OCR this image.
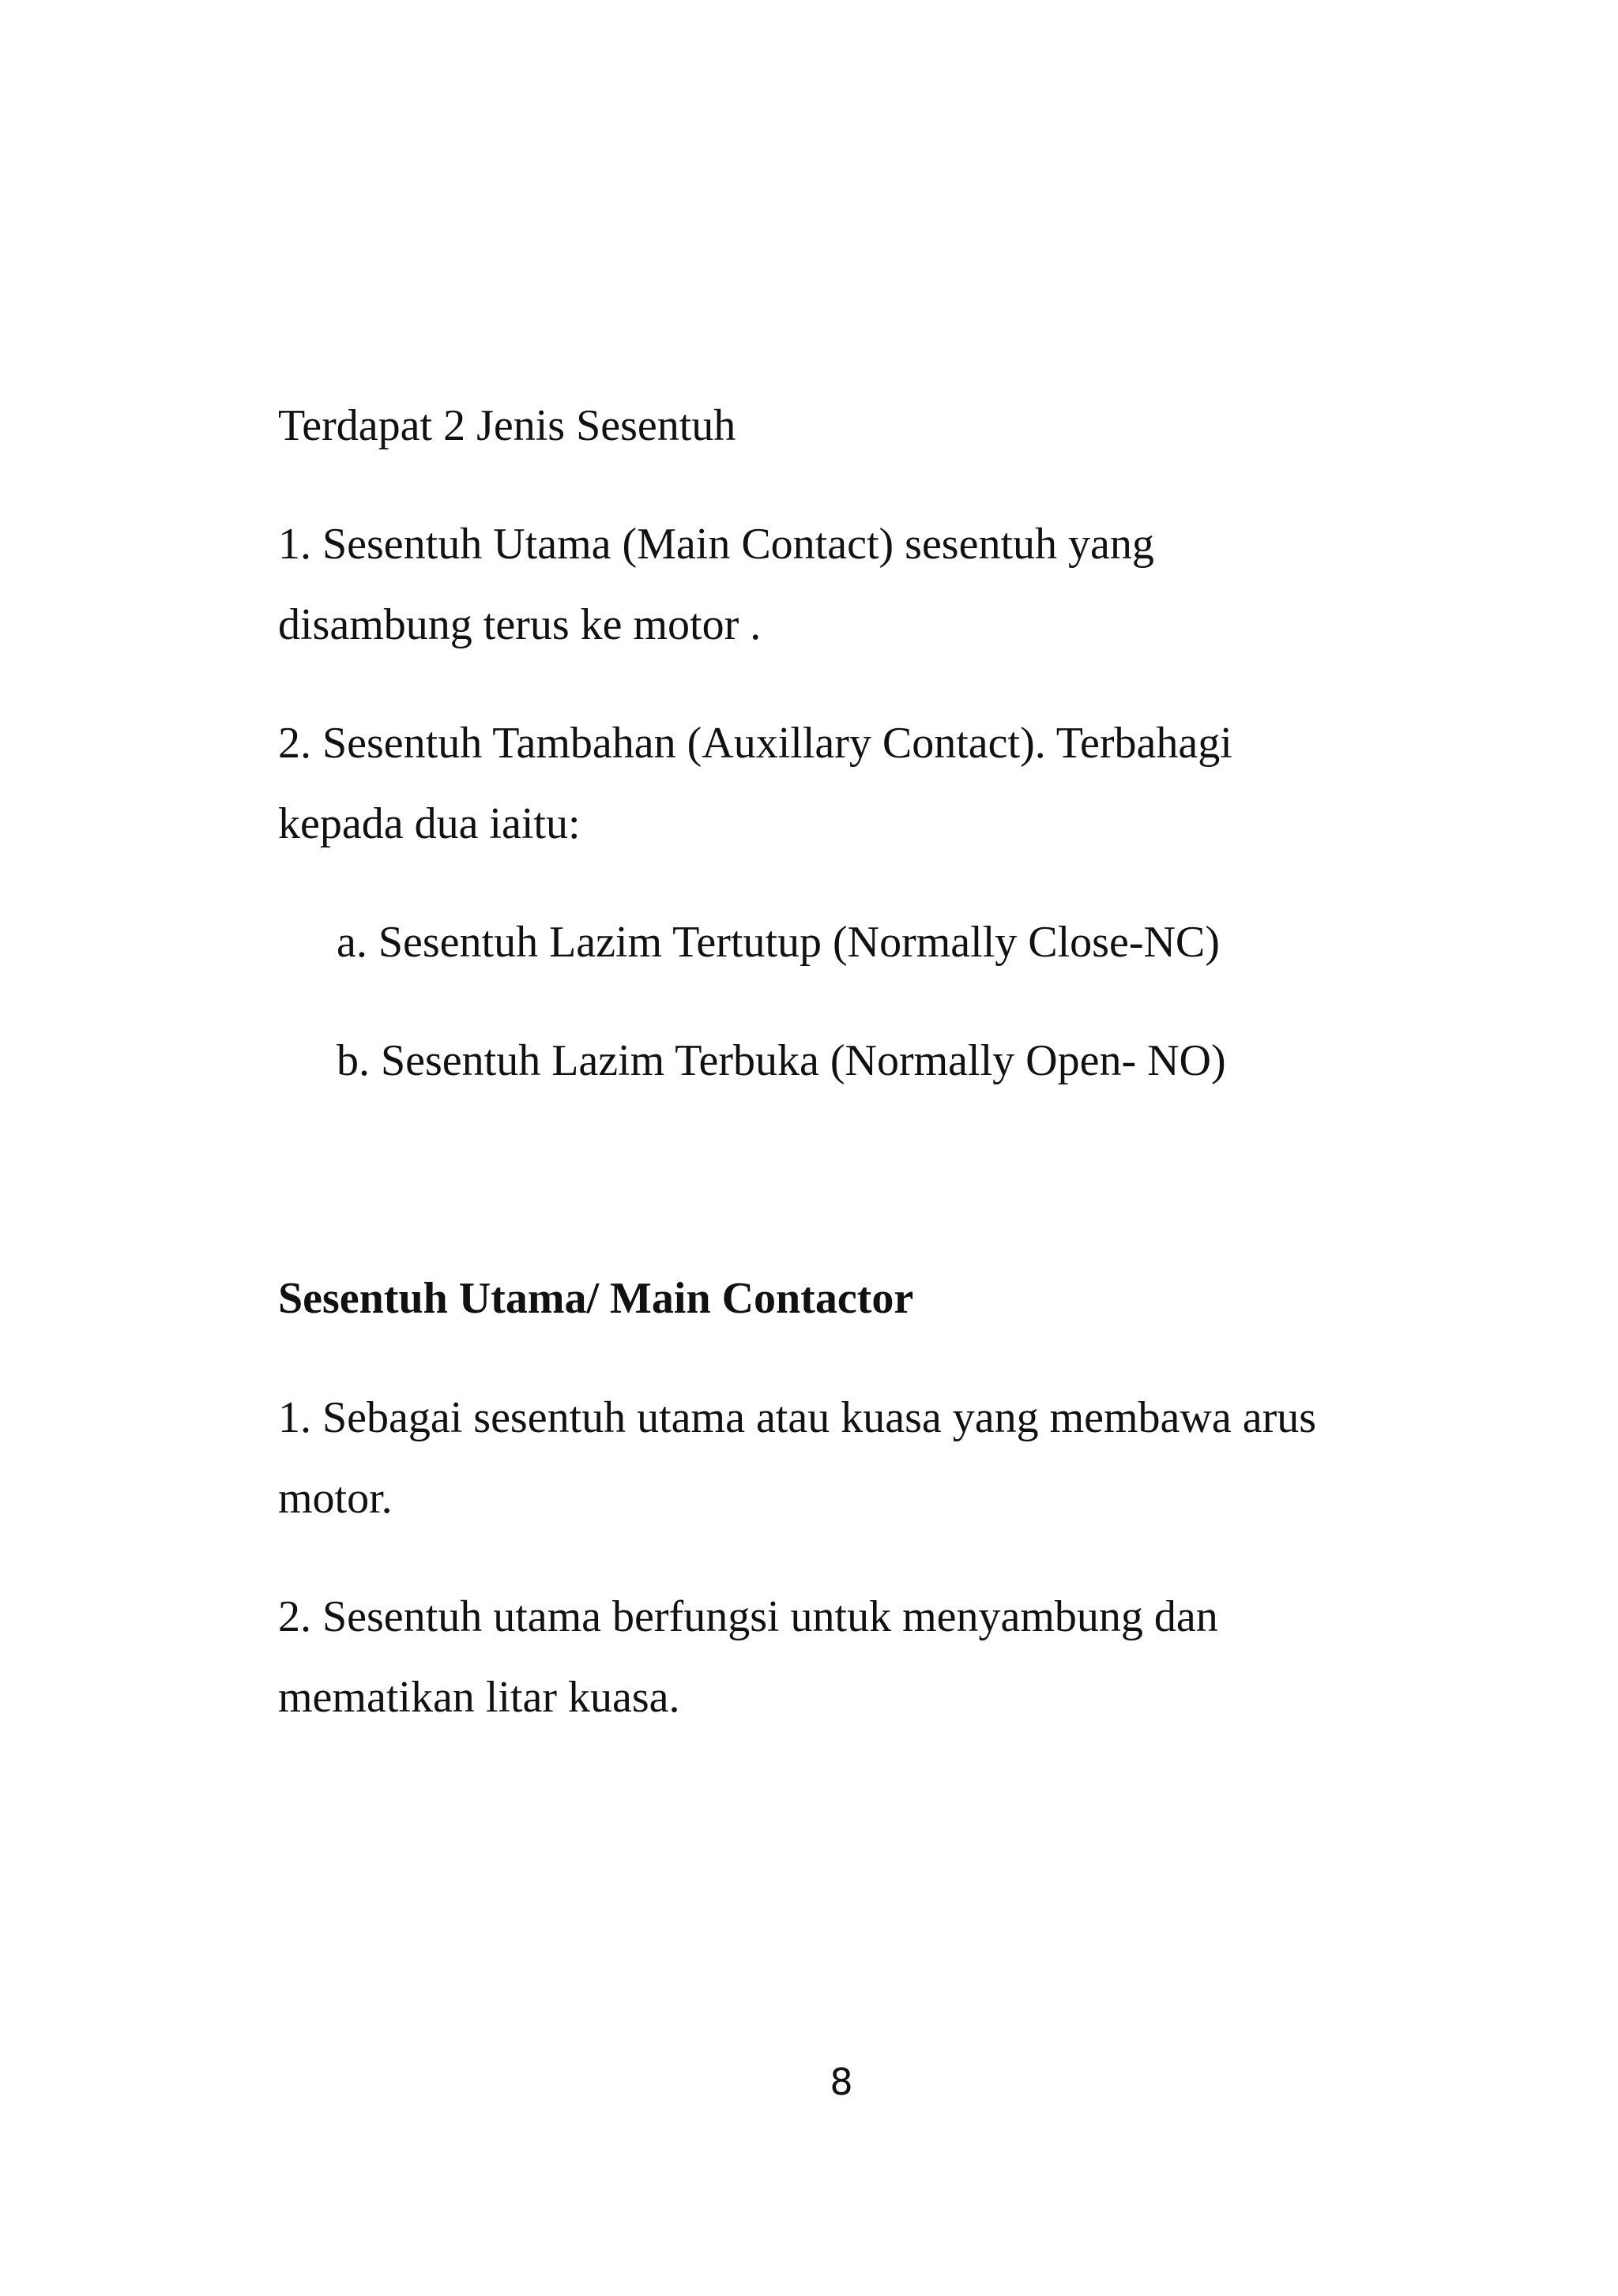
Terdapat 2 Jenis Sesentuh

1. Sesentuh Utama (Main Contact) sesentuh yang

disambung terus ke motor .

2. Sesentuh Tambahan (Auxillary Contact). Terbahagi

kepada dua iaitu:

a. Sesentuh Lazim Tertutup (Normally Close-NC)

b. Sesentuh Lazim Terbuka (Normally Open- NO)

Sesentuh Utama/ Main Contactor

1. Sebagai sesentuh utama atau kuasa yang membawa arus

motor.

2. Sesentuh utama berfungsi untuk menyambung dan

mematikan litar kuasa.

8
